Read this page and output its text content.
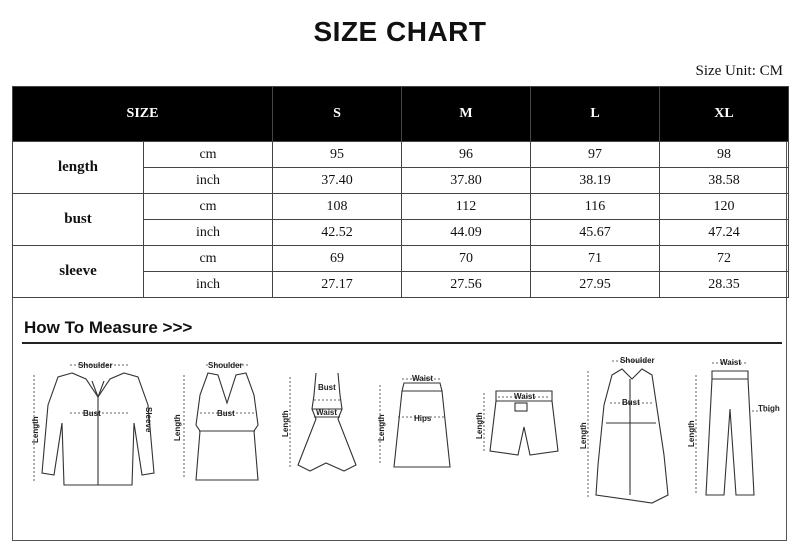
SIZE CHART
Size Unit: CM
SIZE		S	M	L	XL
length	cm	95	96	97	98
	inch	37.40	37.80	38.19	38.58
bust	cm	108	112	116	120
	inch	42.52	44.09	45.67	47.24
sleeve	cm	69	70	71	72
	inch	27.17	27.56	27.95	28.35
How To Measure >>>
Shoulder
Bust
Length	Sleeve
Shoulder
Bust
Length
Bust
Waist
Length
Waist
Hips
Length
Waist
Length
Shoulder
Bust
Length
Waist
Thigh
Length
